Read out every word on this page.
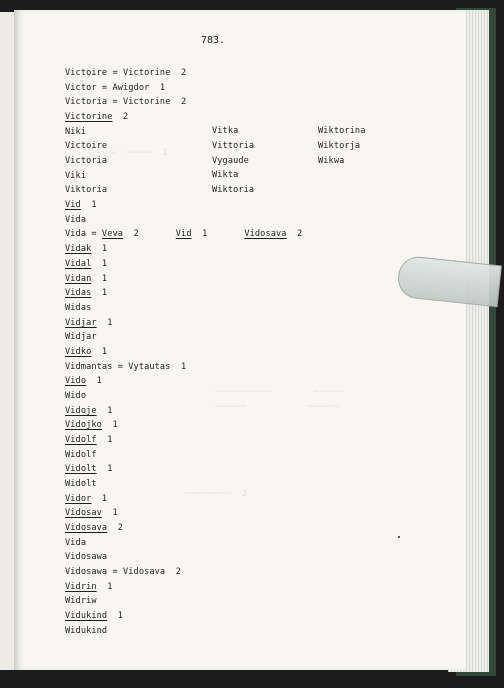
~~~~  ~~~~~  1
~~~~~~~~~~~        ~~~~~~
~~~~~~            ~~~~~~
~~~~~~~~~  2
783.
Victoire = Victorine  2
Victor = Awigdor  1
Victoria = Victorine  2
Victorine  2
Niki
Victoire
Victoria
Viki
Viktoria
Vid  1
Vida
Vida = Veva  2       Vid  1       Vidosava  2
Vidak  1
Vidal  1
Vidan  1
Vidas  1
Widas
Vidjar  1
Widjar
Vidko  1
Vidmantas = Vytautas  1
Vido  1
Wido
Vidoje  1
Vidojko  1
Vidolf  1
Widolf
Vidolt  1
Widolt
Vidor  1
Vidosav  1
Vidosava  2
Vida
Vidosawa
Vidosawa = Vidosava  2
Vidrin  1
Widriw
Vidukind  1
Widukind
Vitka
Vittoria
Vygaude
Wikta
Wiktoria
Wiktorina
Wiktorja
Wikwa
